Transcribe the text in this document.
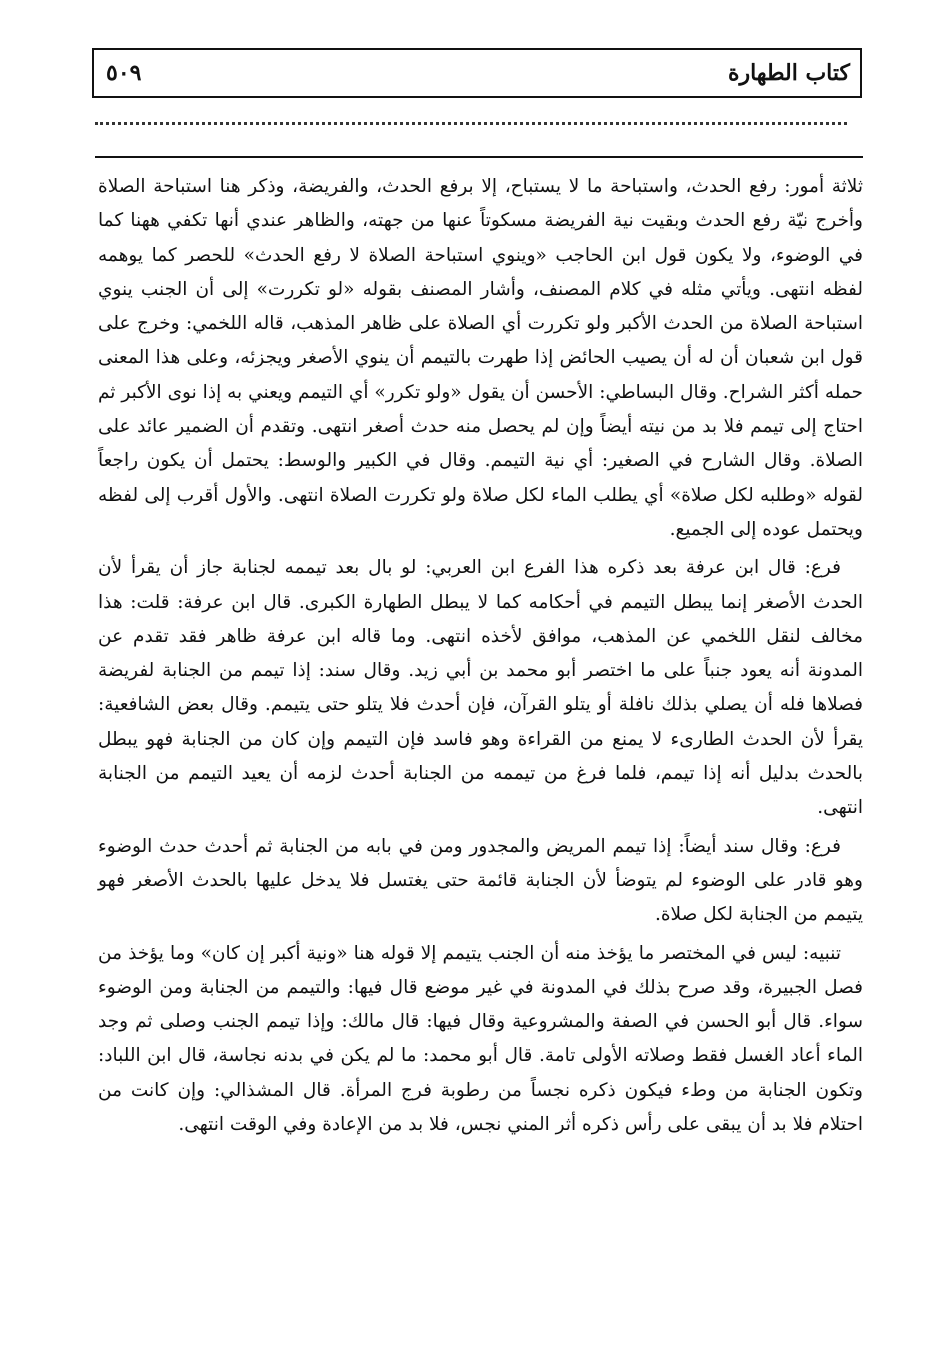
كتاب الطهارة
٥٠٩

ثلاثة أمور: رفع الحدث، واستباحة ما لا يستباح، إلا برفع الحدث، والفريضة، وذكر هنا استباحة الصلاة وأخرج نيّة رفع الحدث وبقيت نية الفريضة مسكوتاً عنها من جهته، والظاهر عندي أنها تكفي ههنا كما في الوضوء، ولا يكون قول ابن الحاجب «وينوي استباحة الصلاة لا رفع الحدث» للحصر كما يوهمه لفظه انتهى. ويأتي مثله في كلام المصنف، وأشار المصنف بقوله «لو تكررت» إلى أن الجنب ينوي استباحة الصلاة من الحدث الأكبر ولو تكررت أي الصلاة على ظاهر المذهب، قاله اللخمي: وخرج على قول ابن شعبان أن له أن يصيب الحائض إذا طهرت بالتيمم أن ينوي الأصغر ويجزئه، وعلى هذا المعنى حمله أكثر الشراح. وقال البساطي: الأحسن أن يقول «ولو تكرر» أي التيمم ويعني به إذا نوى الأكبر ثم احتاج إلى تيمم فلا بد من نيته أيضاً وإن لم يحصل منه حدث أصغر انتهى. وتقدم أن الضمير عائد على الصلاة. وقال الشارح في الصغير: أي نية التيمم. وقال في الكبير والوسط: يحتمل أن يكون راجعاً لقوله «وطلبه لكل صلاة» أي يطلب الماء لكل صلاة ولو تكررت الصلاة انتهى. والأول أقرب إلى لفظه ويحتمل عوده إلى الجميع.

فرع: قال ابن عرفة بعد ذكره هذا الفرع ابن العربي: لو بال بعد تيممه لجنابة جاز أن يقرأ لأن الحدث الأصغر إنما يبطل التيمم في أحكامه كما لا يبطل الطهارة الكبرى. قال ابن عرفة: قلت: هذا مخالف لنقل اللخمي عن المذهب، موافق لأخذه انتهى. وما قاله ابن عرفة ظاهر فقد تقدم عن المدونة أنه يعود جنباً على ما اختصر أبو محمد بن أبي زيد. وقال سند: إذا تيمم من الجنابة لفريضة فصلاها فله أن يصلي بذلك نافلة أو يتلو القرآن، فإن أحدث فلا يتلو حتى يتيمم. وقال بعض الشافعية: يقرأ لأن الحدث الطارىء لا يمنع من القراءة وهو فاسد فإن التيمم وإن كان من الجنابة فهو يبطل بالحدث بدليل أنه إذا تيمم، فلما فرغ من تيممه من الجنابة أحدث لزمه أن يعيد التيمم من الجنابة انتهى.

فرع: وقال سند أيضاً: إذا تيمم المريض والمجدور ومن في بابه من الجنابة ثم أحدث حدث الوضوء وهو قادر على الوضوء لم يتوضأ لأن الجنابة قائمة حتى يغتسل فلا يدخل عليها بالحدث الأصغر فهو يتيمم من الجنابة لكل صلاة.

تنبيه: ليس في المختصر ما يؤخذ منه أن الجنب يتيمم إلا قوله هنا «ونية أكبر إن كان» وما يؤخذ من فصل الجبيرة، وقد صرح بذلك في المدونة في غير موضع قال فيها: والتيمم من الجنابة ومن الوضوء سواء. قال أبو الحسن في الصفة والمشروعية وقال فيها: قال مالك: وإذا تيمم الجنب وصلى ثم وجد الماء أعاد الغسل فقط وصلاته الأولى تامة. قال أبو محمد: ما لم يكن في بدنه نجاسة، قال ابن اللباد: وتكون الجنابة من وطء فيكون ذكره نجساً من رطوبة فرج المرأة. قال المشذالي: وإن كانت من احتلام فلا بد أن يبقى على رأس ذكره أثر المني نجس، فلا بد من الإعادة وفي الوقت انتهى.
